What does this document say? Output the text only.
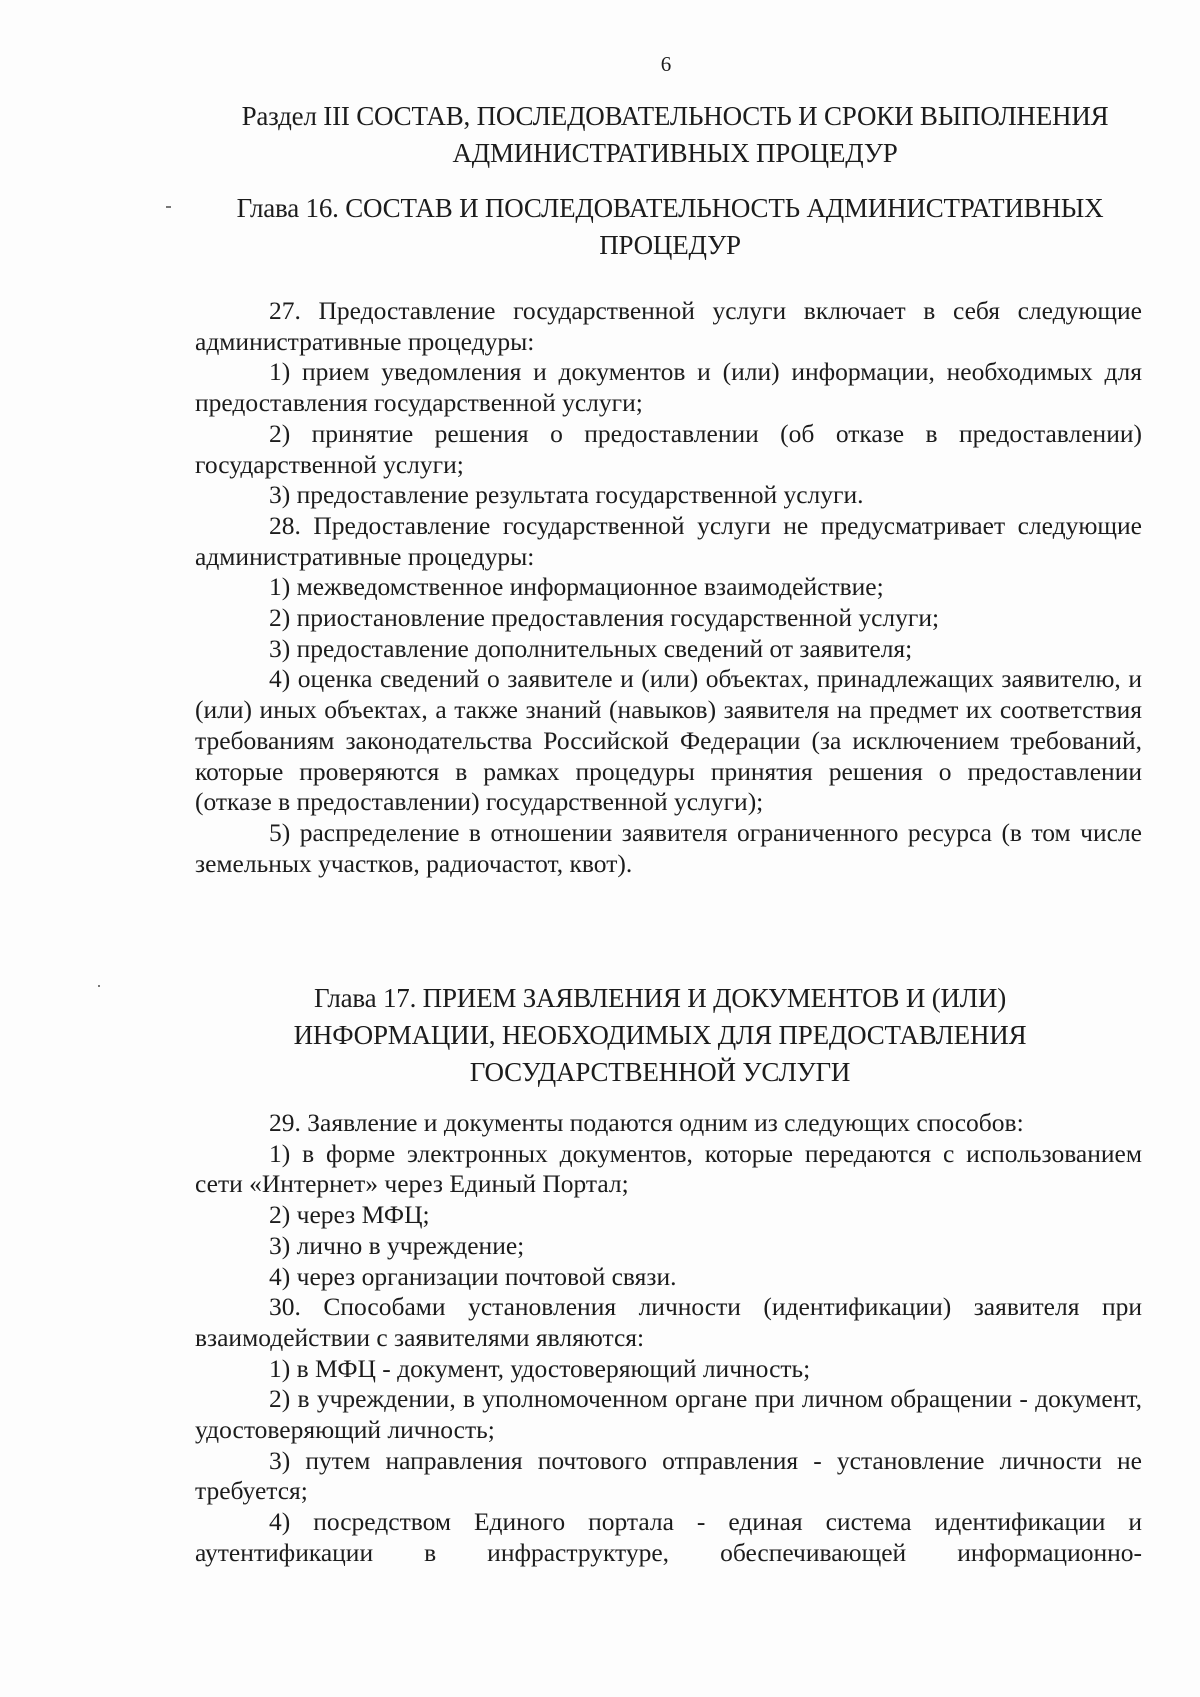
6
Раздел III СОСТАВ, ПОСЛЕДОВАТЕЛЬНОСТЬ И СРОКИ ВЫПОЛНЕНИЯ АДМИНИСТРАТИВНЫХ ПРОЦЕДУР
Глава 16. СОСТАВ И ПОСЛЕДОВАТЕЛЬНОСТЬ АДМИНИСТРАТИВНЫХ ПРОЦЕДУР

27. Предоставление государственной услуги включает в себя следующие административные процедуры:

1) прием уведомления и документов и (или) информации, необходимых для предоставления государственной услуги;

2) принятие решения о предоставлении (об отказе в предоставлении) государственной услуги;

3) предоставление результата государственной услуги.

28. Предоставление государственной услуги не предусматривает следующие административные процедуры:

1) межведомственное информационное взаимодействие;

2) приостановление предоставления государственной услуги;

3) предоставление дополнительных сведений от заявителя;

4) оценка сведений о заявителе и (или) объектах, принадлежащих заявителю, и (или) иных объектах, а также знаний (навыков) заявителя на предмет их соответствия требованиям законодательства Российской Федерации (за исключением требований, которые проверяются в рамках процедуры принятия решения о предоставлении (отказе в предоставлении) государственной услуги);

5) распределение в отношении заявителя ограниченного ресурса (в том числе земельных участков, радиочастот, квот).

Глава 17. ПРИЕМ ЗАЯВЛЕНИЯ И ДОКУМЕНТОВ И (ИЛИ) ИНФОРМАЦИИ, НЕОБХОДИМЫХ ДЛЯ ПРЕДОСТАВЛЕНИЯ ГОСУДАРСТВЕННОЙ УСЛУГИ

29. Заявление и документы подаются одним из следующих способов:

1) в форме электронных документов, которые передаются с использованием сети «Интернет» через Единый Портал;

2) через МФЦ;

3) лично в учреждение;

4) через организации почтовой связи.

30. Способами установления личности (идентификации) заявителя при взаимодействии с заявителями являются:

1) в МФЦ - документ, удостоверяющий личность;

2) в учреждении, в уполномоченном органе при личном обращении - документ, удостоверяющий личность;

3) путем направления почтового отправления - установление личности не требуется;

4) посредством Единого портала - единая система идентификации и аутентификации в инфраструктуре, обеспечивающей информационно-
